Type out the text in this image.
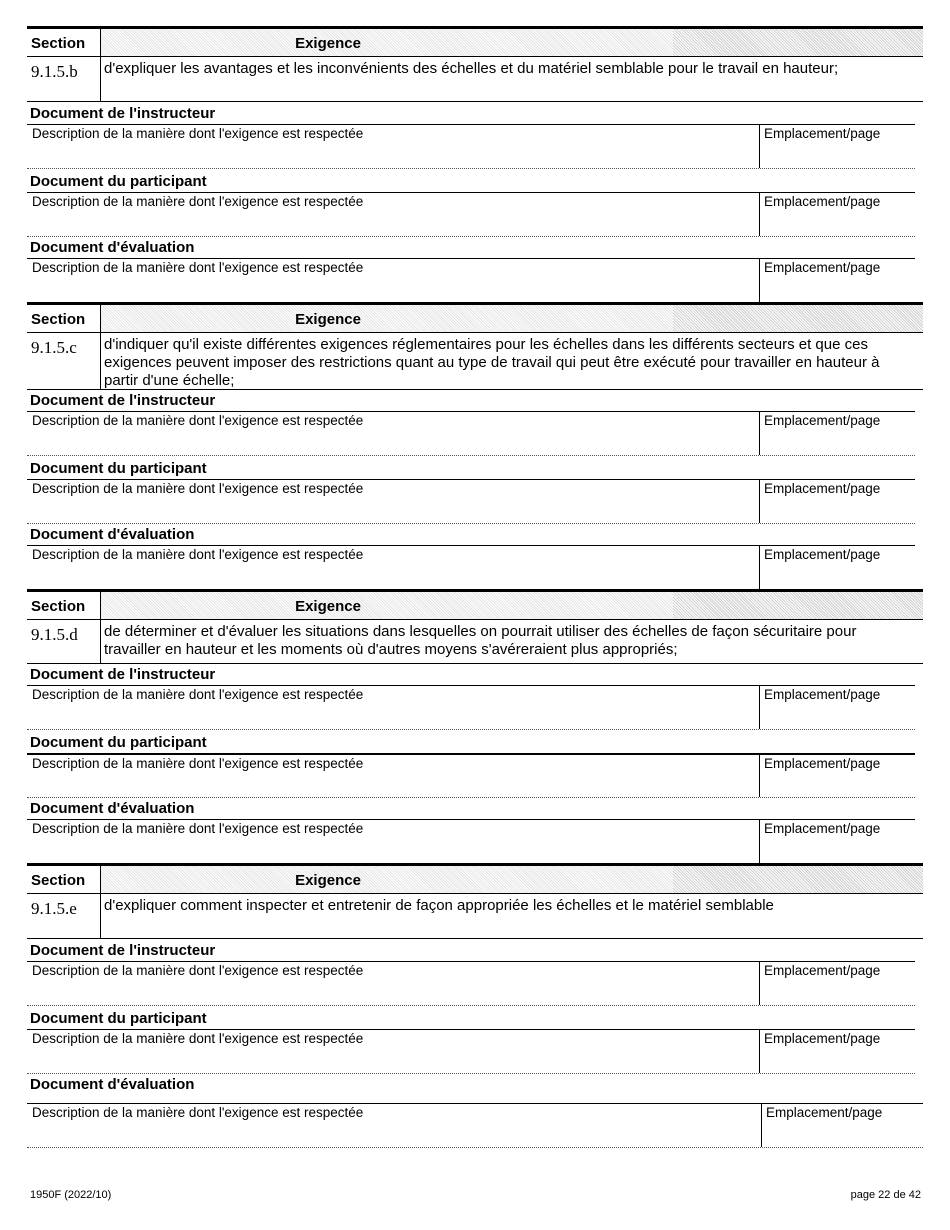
Section	Exigence
9.1.5.b	d'expliquer les avantages et les inconvénients des échelles et du matériel semblable pour le travail en hauteur;
Document de l'instructeur
Description de la manière dont l'exigence est respectée	Emplacement/page
Document du participant
Description de la manière dont l'exigence est respectée	Emplacement/page
Document d'évaluation
Description de la manière dont l'exigence est respectée	Emplacement/page
Section	Exigence
9.1.5.c	d'indiquer qu'il existe différentes exigences réglementaires pour les échelles dans les différents secteurs et que ces exigences peuvent imposer des restrictions quant au type de travail qui peut être exécuté pour travailler en hauteur à partir d'une échelle;
Document de l'instructeur
Description de la manière dont l'exigence est respectée	Emplacement/page
Document du participant
Description de la manière dont l'exigence est respectée	Emplacement/page
Document d'évaluation
Description de la manière dont l'exigence est respectée	Emplacement/page
Section	Exigence
9.1.5.d	de déterminer et d'évaluer les situations dans lesquelles on pourrait utiliser des échelles de façon sécuritaire pour travailler en hauteur et les moments où d'autres moyens s'avéreraient plus appropriés;
Document de l'instructeur
Description de la manière dont l'exigence est respectée	Emplacement/page
Document du participant
Description de la manière dont l'exigence est respectée	Emplacement/page
Document d'évaluation
Description de la manière dont l'exigence est respectée	Emplacement/page
Section	Exigence
9.1.5.e	d'expliquer comment inspecter et entretenir de façon appropriée les échelles et le matériel semblable
Document de l'instructeur
Description de la manière dont l'exigence est respectée	Emplacement/page
Document du participant
Description de la manière dont l'exigence est respectée	Emplacement/page
Document d'évaluation
Description de la manière dont l'exigence est respectée	Emplacement/page
1950F (2022/10)	page 22 de 42
